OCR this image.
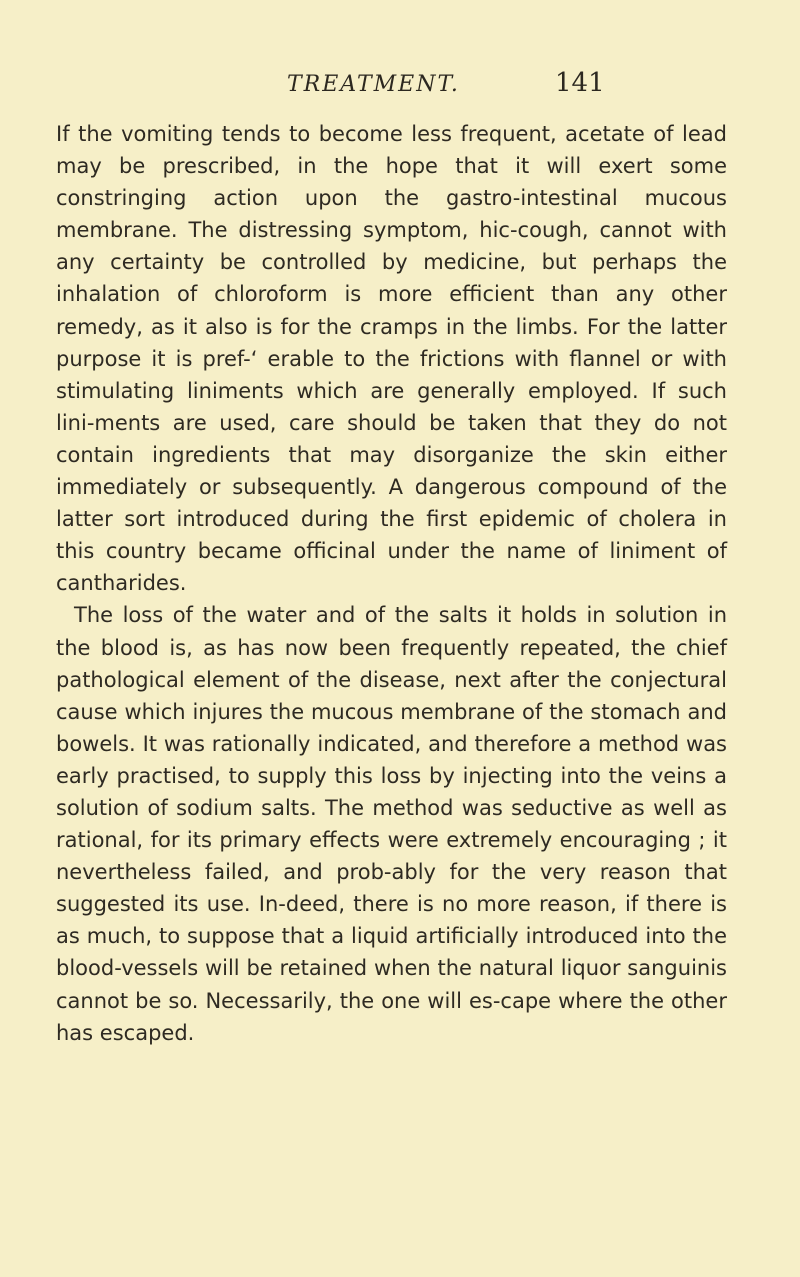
TREATMENT.	141

If the vomiting tends to become less frequent, acetate of lead may be prescribed, in the hope that it will exert some constringing action upon the gastro-intestinal mucous membrane. The distressing symptom, hic-cough, cannot with any certainty be controlled by medicine, but perhaps the inhalation of chloroform is more efficient than any other remedy, as it also is for the cramps in the limbs. For the latter purpose it is pref-‘ erable to the frictions with flannel or with stimulating liniments which are generally employed. If such lini-ments are used, care should be taken that they do not contain ingredients that may disorganize the skin either immediately or subsequently. A dangerous compound of the latter sort introduced during the first epidemic of cholera in this country became officinal under the name of liniment of cantharides.

The loss of the water and of the salts it holds in solution in the blood is, as has now been frequently repeated, the chief pathological element of the disease, next after the conjectural cause which injures the mucous membrane of the stomach and bowels. It was rationally indicated, and therefore a method was early practised, to supply this loss by injecting into the veins a solution of sodium salts. The method was seductive as well as rational, for its primary effects were extremely encouraging ; it nevertheless failed, and prob-ably for the very reason that suggested its use. In-deed, there is no more reason, if there is as much, to suppose that a liquid artificially introduced into the blood-vessels will be retained when the natural liquor sanguinis cannot be so. Necessarily, the one will es-cape where the other has escaped.
